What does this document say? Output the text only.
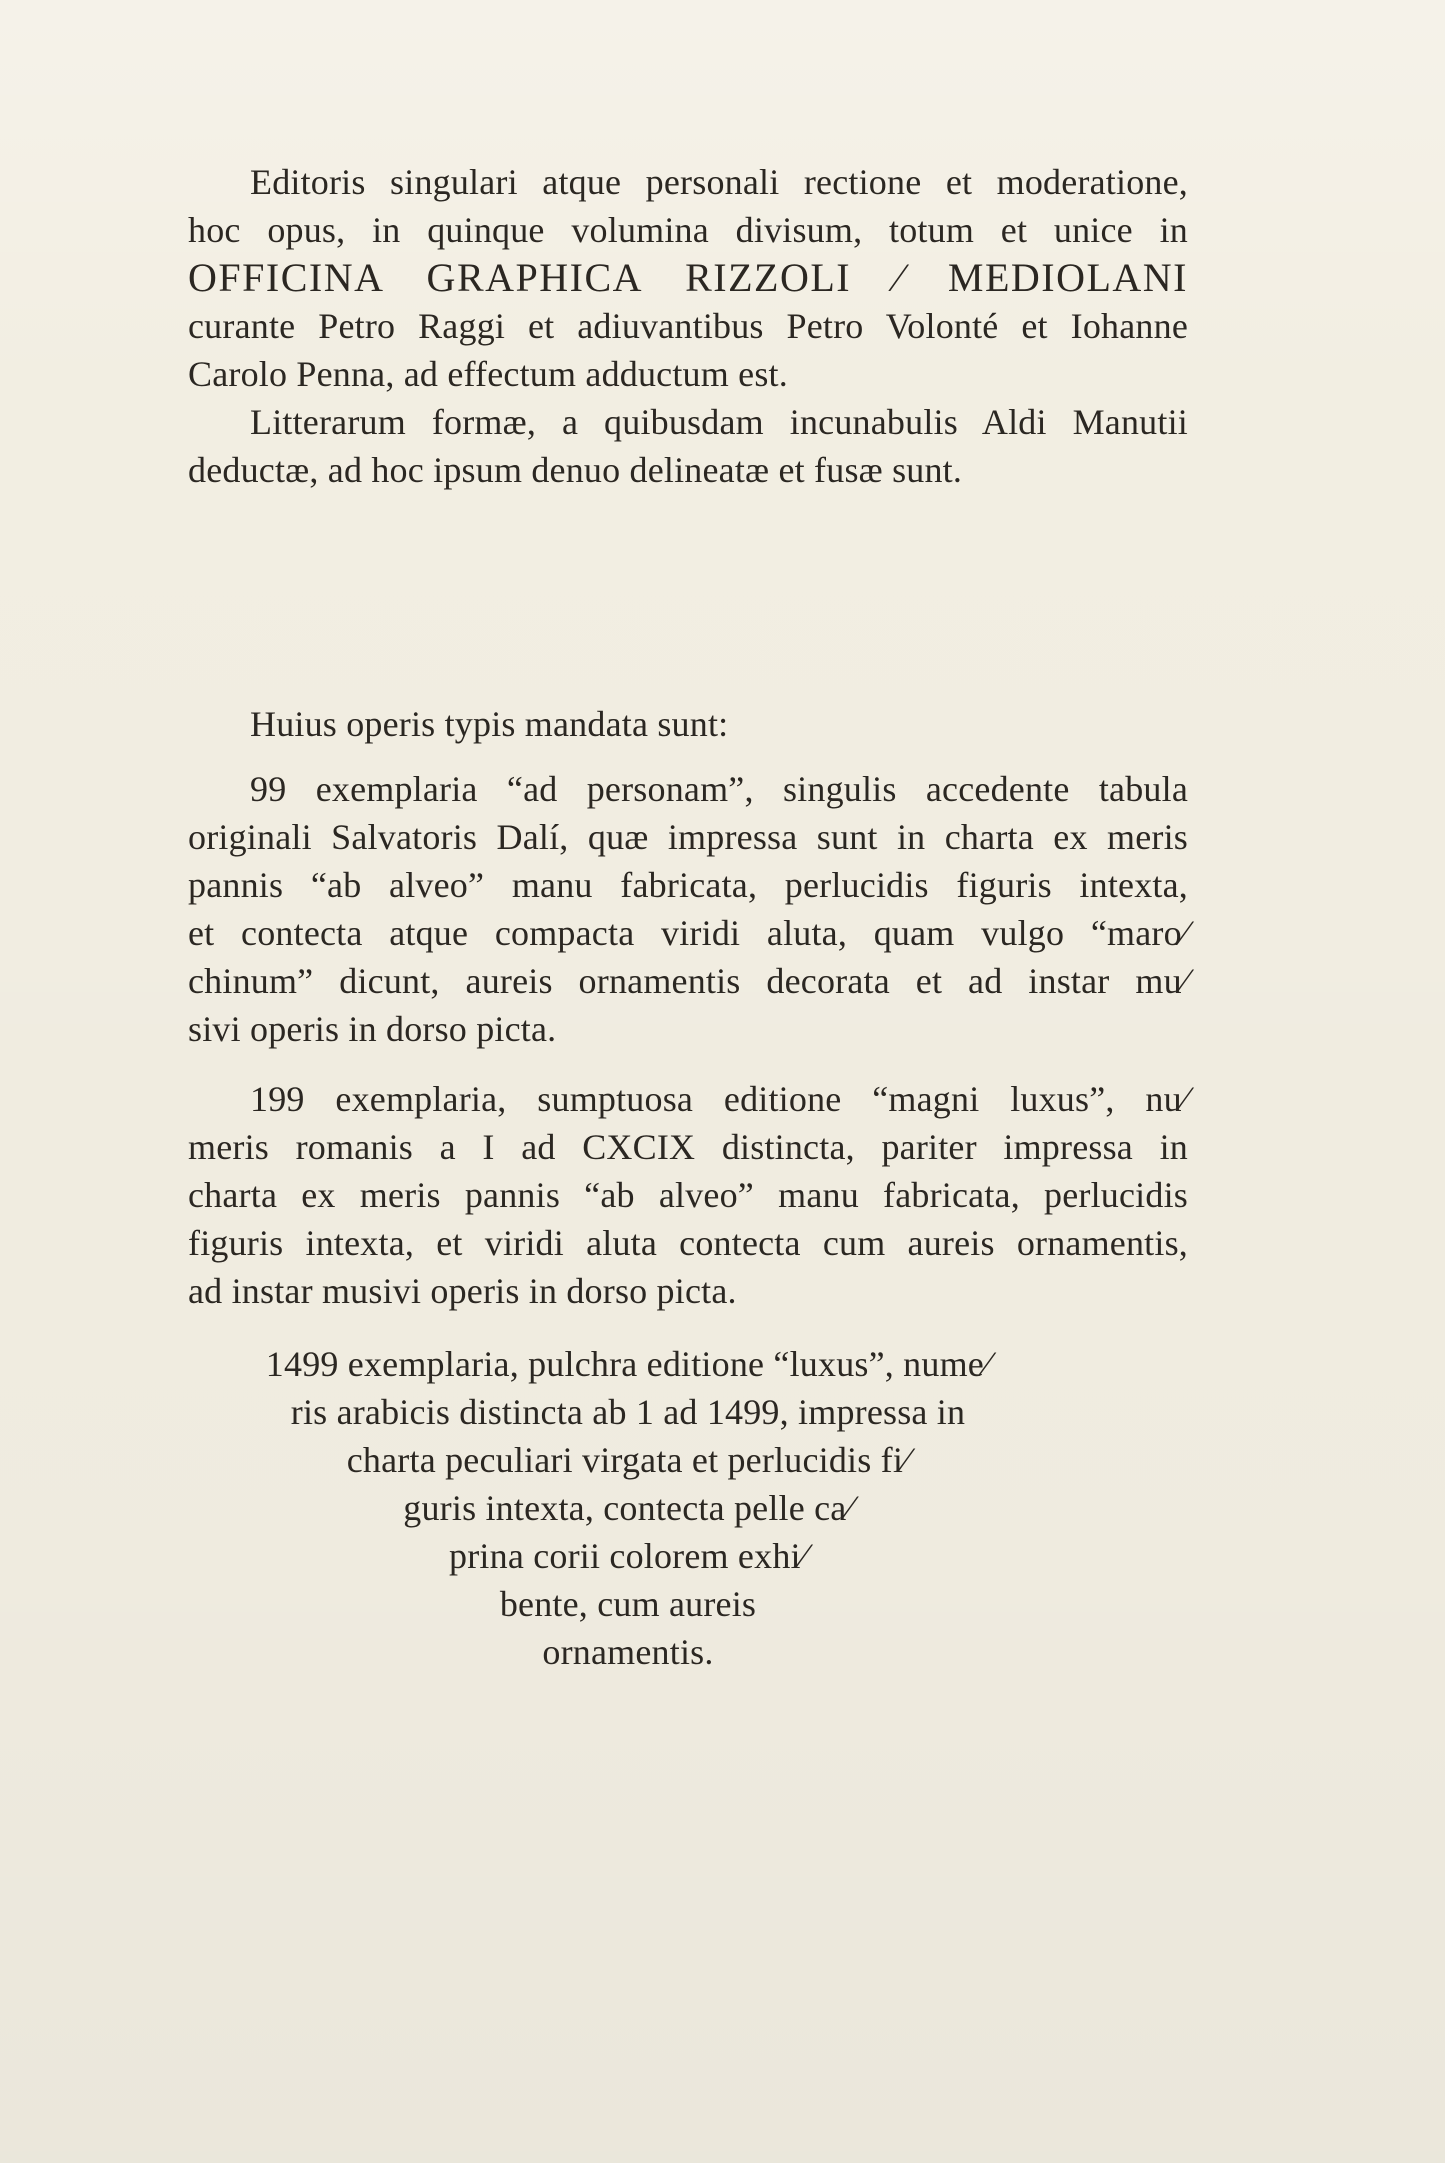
Editoris singulari atque personali rectione et moderatione,
hoc opus, in quinque volumina divisum, totum et unice in
OFFICINA GRAPHICA RIZZOLI ⁄ MEDIOLANI
curante Petro Raggi et adiuvantibus Petro Volonté et Iohanne
Carolo Penna, ad effectum adductum est.

Litterarum formæ, a quibusdam incunabulis Aldi Manutii
deductæ, ad hoc ipsum denuo delineatæ et fusæ sunt.

Huius operis typis mandata sunt:

99 exemplaria “ad personam”, singulis accedente tabula
originali Salvatoris Dalí, quæ impressa sunt in charta ex meris
pannis “ab alveo” manu fabricata, perlucidis figuris intexta,
et contecta atque compacta viridi aluta, quam vulgo “maro⁄
chinum” dicunt, aureis ornamentis decorata et ad instar mu⁄
sivi operis in dorso picta.

199 exemplaria, sumptuosa editione “magni luxus”, nu⁄
meris romanis a I ad CXCIX distincta, pariter impressa in
charta ex meris pannis “ab alveo” manu fabricata, perlucidis
figuris intexta, et viridi aluta contecta cum aureis ornamentis,
ad instar musivi operis in dorso picta.

1499 exemplaria, pulchra editione “luxus”, nume⁄
ris arabicis distincta ab 1 ad 1499, impressa in
charta peculiari virgata et perlucidis fi⁄
guris intexta, contecta pelle ca⁄
prina corii colorem exhi⁄
bente, cum aureis
ornamentis.
